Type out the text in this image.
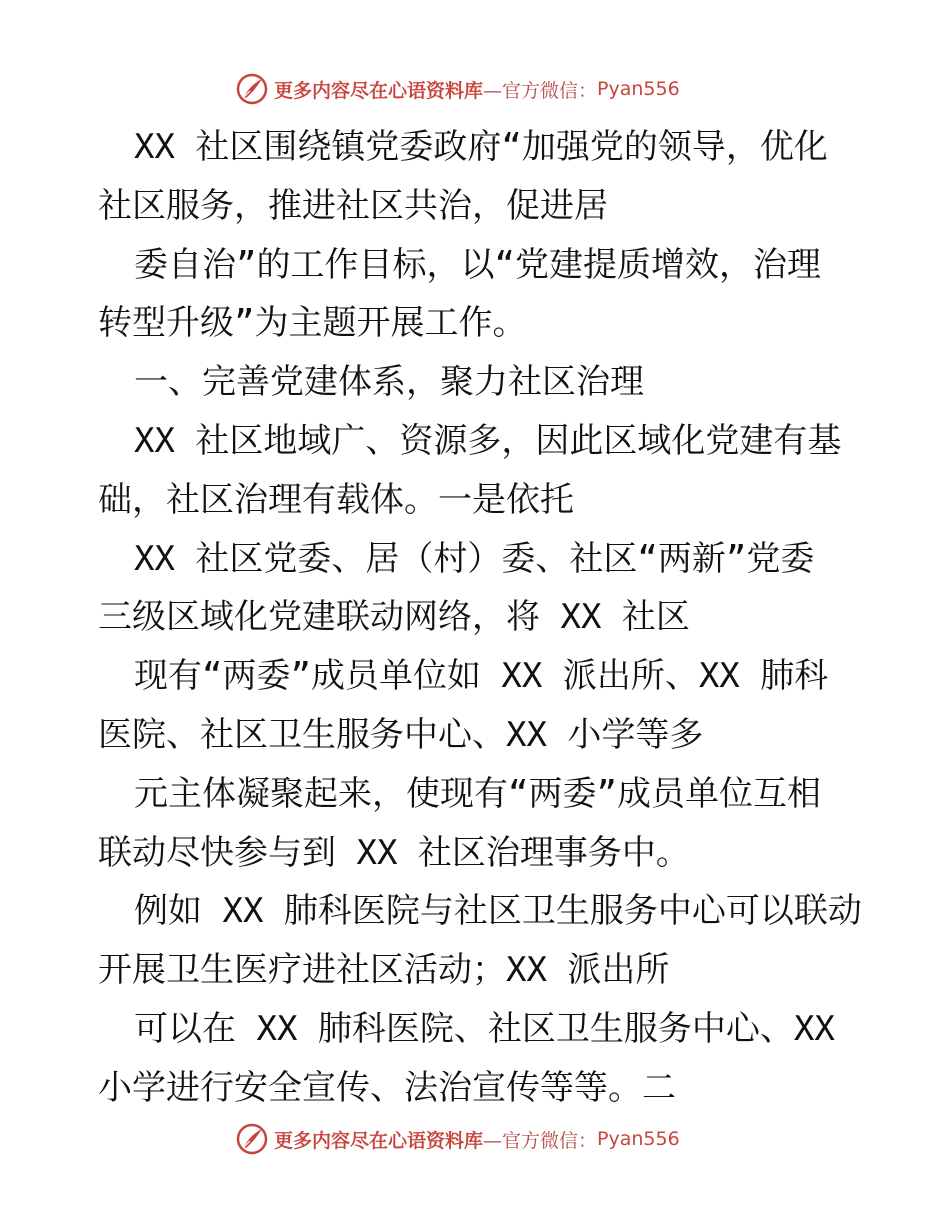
更多内容尽在心语资料库 —官方微信： Pyan556
XX 社区围绕镇党委政府“加强党的领导，优化
社区服务，推进社区共治，促进居
委自治”的工作目标，以“党建提质增效，治理
转型升级”为主题开展工作。
一、完善党建体系，聚力社区治理
XX 社区地域广、资源多，因此区域化党建有基
础，社区治理有载体。一是依托
XX 社区党委、居（村）委、社区“两新”党委
三级区域化党建联动网络，将 XX 社区
现有“两委”成员单位如 XX 派出所、XX 肺科
医院、社区卫生服务中心、XX 小学等多
元主体凝聚起来，使现有“两委”成员单位互相
联动尽快参与到 XX 社区治理事务中。
例如 XX 肺科医院与社区卫生服务中心可以联动
开展卫生医疗进社区活动；XX 派出所
可以在 XX 肺科医院、社区卫生服务中心、XX
小学进行安全宣传、法治宣传等等。二
更多内容尽在心语资料库 —官方微信： Pyan556
